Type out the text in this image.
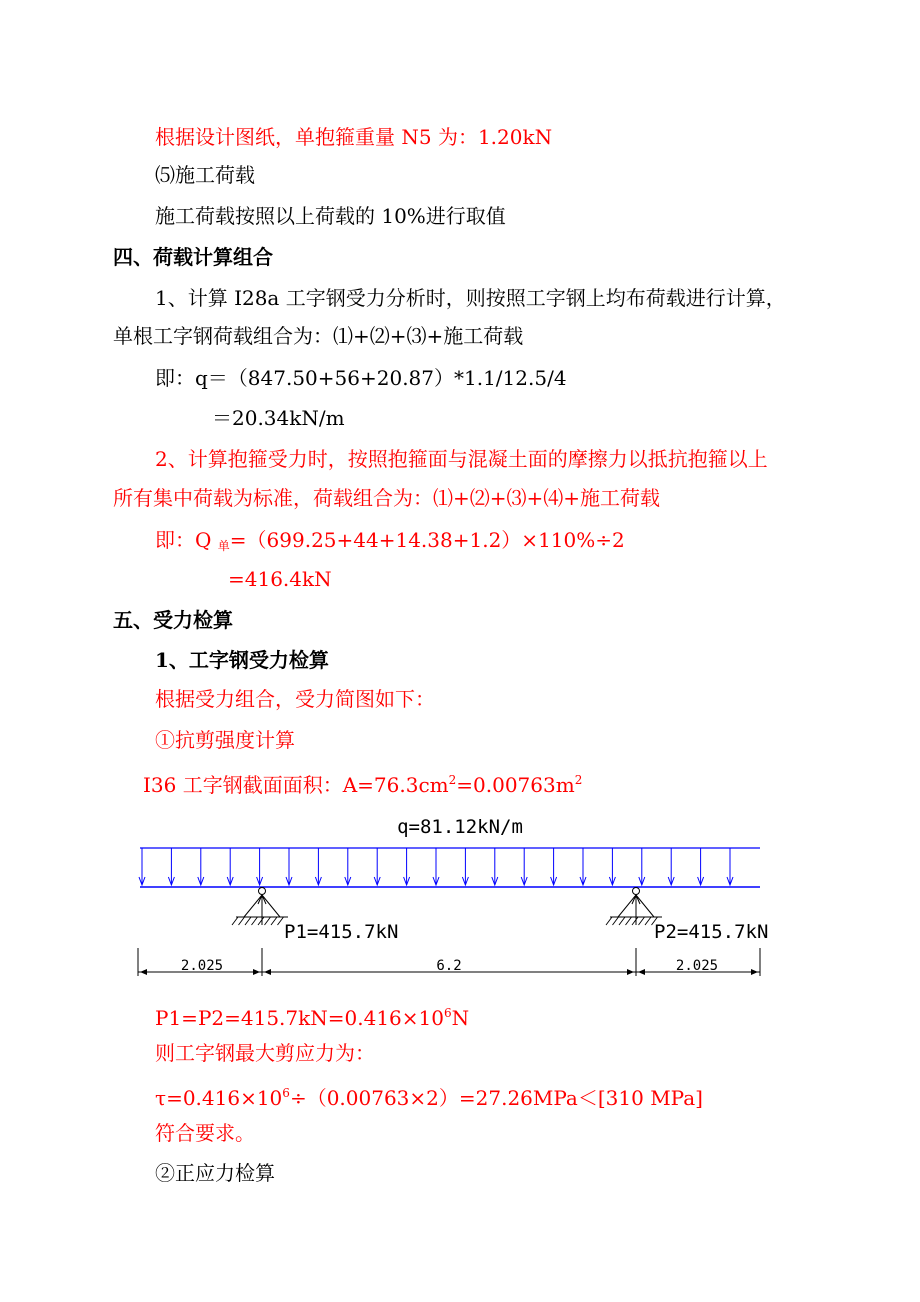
根据设计图纸，单抱箍重量 N5 为：1.20kN
⑸施工荷载
施工荷载按照以上荷载的 10%进行取值
四、荷载计算组合
1、计算 I28a 工字钢受力分析时，则按照工字钢上均布荷载进行计算，
单根工字钢荷载组合为：⑴+⑵+⑶+施工荷载
即：q＝（847.50+56+20.87）*1.1/12.5/4
＝20.34kN/m
2、计算抱箍受力时，按照抱箍面与混凝土面的摩擦力以抵抗抱箍以上
所有集中荷载为标准，荷载组合为：⑴+⑵+⑶+⑷+施工荷载
即：Q $_单$=（699.25+44+14.38+1.2）×110%÷2
=416.4kN
五、受力检算
1、工字钢受力检算
根据受力组合，受力简图如下：
①抗剪强度计算
I36 工字钢截面面积：$A=76.3cm^2=0.00763m^2$
q=81.12kN/m
P1=415.7kN	P2=415.7kN
2.025	6.2	2.025
$P1=P2=415.7kN=0.416\times 10^6N$
则工字钢最大剪应力为：
$\tau=0.416\times 10^6\div(0.00763\times 2)=27.26MPa<[310$ MPa]
符合要求。
②正应力检算
